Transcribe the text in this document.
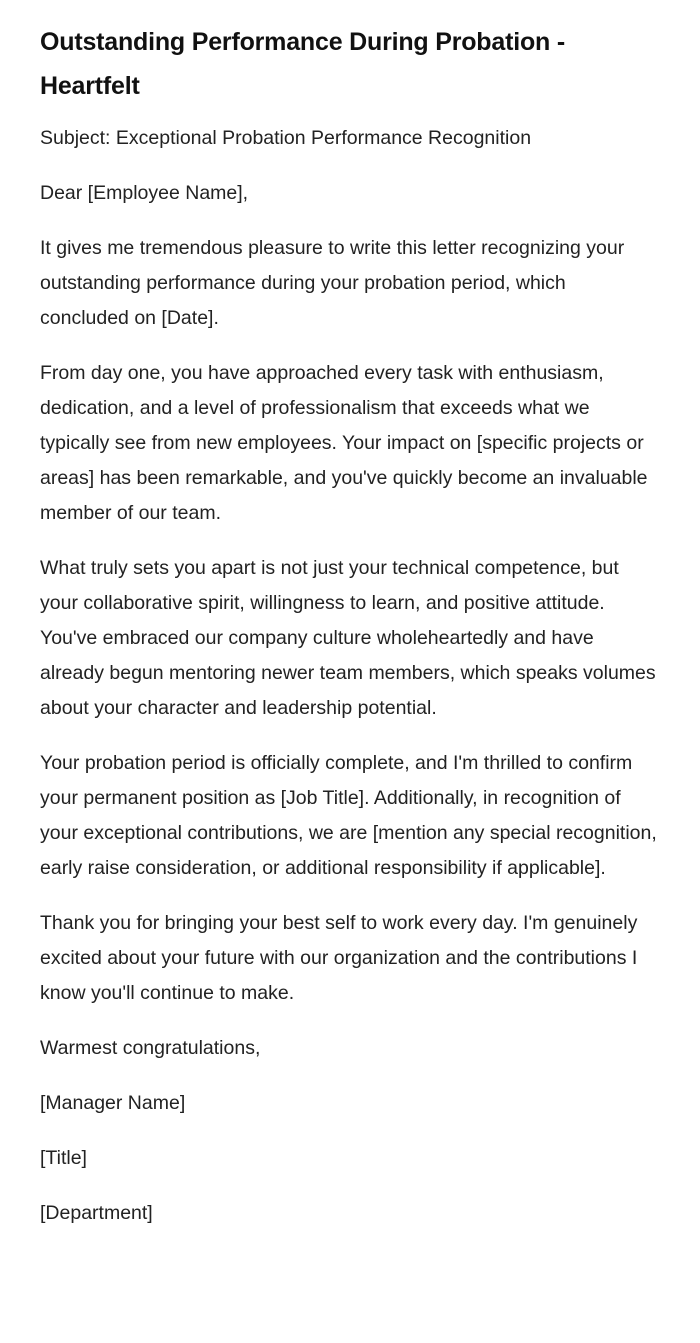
Outstanding Performance During Probation - Heartfelt

Subject: Exceptional Probation Performance Recognition

Dear [Employee Name],

It gives me tremendous pleasure to write this letter recognizing your outstanding performance during your probation period, which concluded on [Date].

From day one, you have approached every task with enthusiasm, dedication, and a level of professionalism that exceeds what we typically see from new employees. Your impact on [specific projects or areas] has been remarkable, and you've quickly become an invaluable member of our team.

What truly sets you apart is not just your technical competence, but your collaborative spirit, willingness to learn, and positive attitude. You've embraced our company culture wholeheartedly and have already begun mentoring newer team members, which speaks volumes about your character and leadership potential.

Your probation period is officially complete, and I'm thrilled to confirm your permanent position as [Job Title]. Additionally, in recognition of your exceptional contributions, we are [mention any special recognition, early raise consideration, or additional responsibility if applicable].

Thank you for bringing your best self to work every day. I'm genuinely excited about your future with our organization and the contributions I know you'll continue to make.

Warmest congratulations,

[Manager Name]

[Title]

[Department]
